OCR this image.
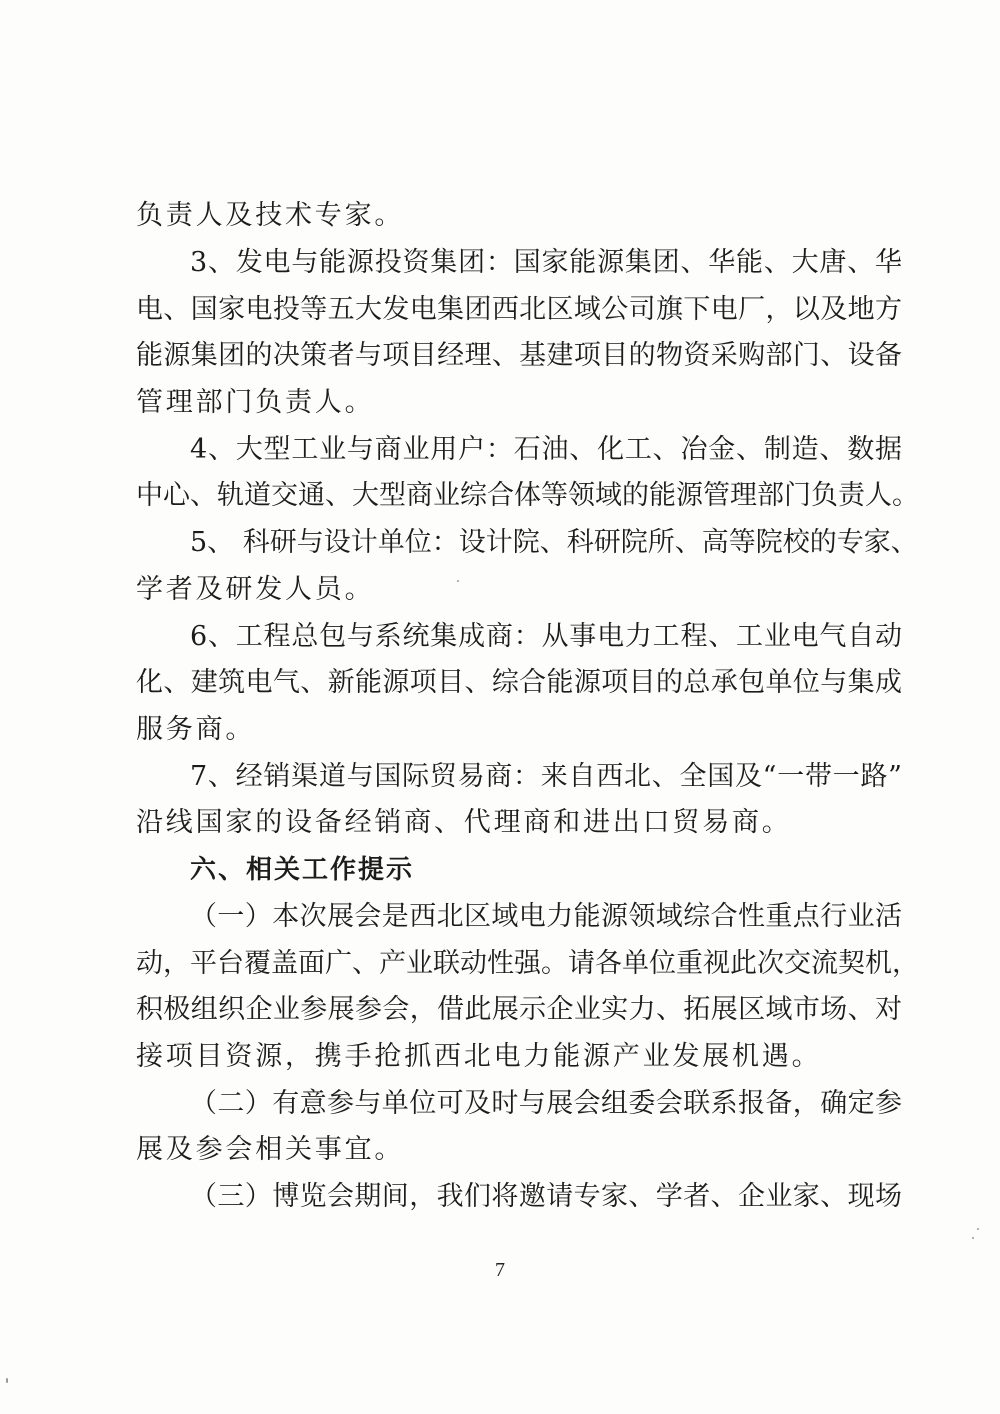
负责人及技术专家。
3、发电与能源投资集团：国家能源集团、华能、大唐、华
电、国家电投等五大发电集团西北区域公司旗下电厂，以及地方
能源集团的决策者与项目经理、基建项目的物资采购部门、设备
管理部门负责人。
4、大型工业与商业用户：石油、化工、冶金、制造、数据
中心、轨道交通、大型商业综合体等领域的能源管理部门负责人。
5、 科研与设计单位：设计院、科研院所、高等院校的专家、
学者及研发人员。
6、工程总包与系统集成商：从事电力工程、工业电气自动
化、建筑电气、新能源项目、综合能源项目的总承包单位与集成
服务商。
7、经销渠道与国际贸易商：来自西北、全国及“一带一路”
沿线国家的设备经销商、代理商和进出口贸易商。
六、相关工作提示
（一）本次展会是西北区域电力能源领域综合性重点行业活
动，平台覆盖面广、产业联动性强。请各单位重视此次交流契机，
积极组织企业参展参会，借此展示企业实力、拓展区域市场、对
接项目资源，携手抢抓西北电力能源产业发展机遇。
（二）有意参与单位可及时与展会组委会联系报备，确定参
展及参会相关事宜。
（三）博览会期间，我们将邀请专家、学者、企业家、现场
7
